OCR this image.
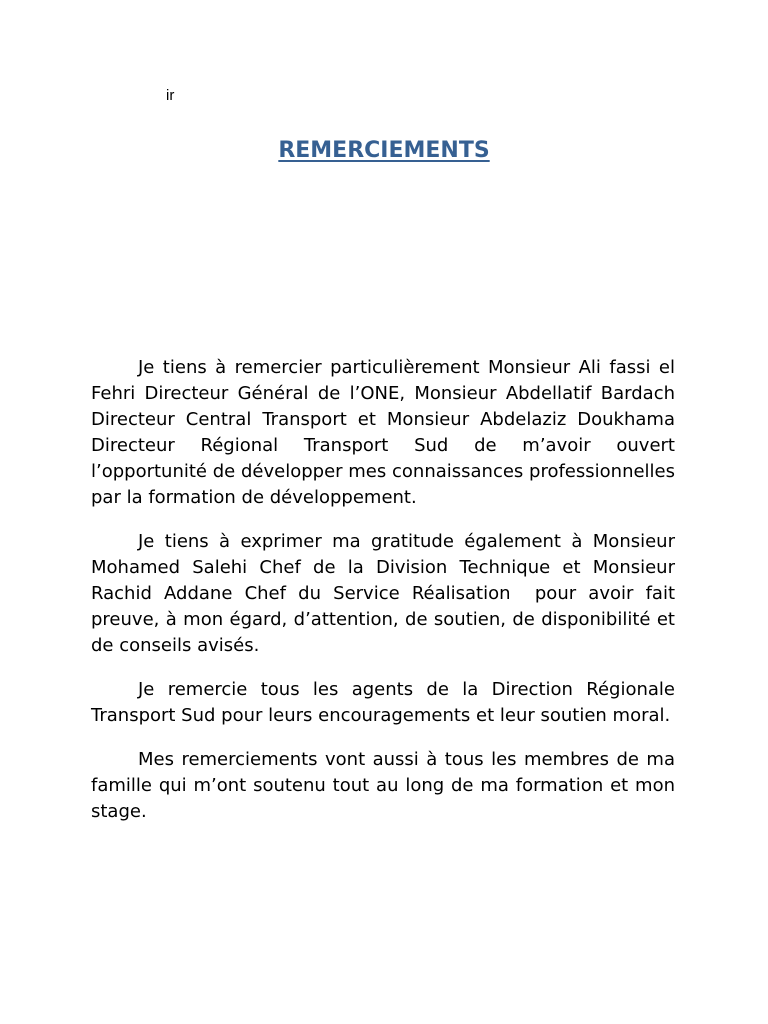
ir
REMERCIEMENTS

Je tiens à remercier particulièrement Monsieur Ali fassi el Fehri Directeur Général de l’ONE, Monsieur Abdellatif Bardach Directeur Central Transport et Monsieur Abdelaziz Doukhama Directeur Régional Transport Sud de m’avoir ouvert l’opportunité de développer mes connaissances professionnelles par la formation de développement.

Je tiens à exprimer ma gratitude également à Monsieur Mohamed Salehi Chef de la Division Technique et Monsieur Rachid Addane Chef du Service Réalisation  pour avoir fait preuve, à mon égard, d’attention, de soutien, de disponibilité et de conseils avisés.

Je remercie tous les agents de la Direction Régionale Transport Sud pour leurs encouragements et leur soutien moral.

Mes remerciements vont aussi à tous les membres de ma famille qui m’ont soutenu tout au long de ma formation et mon stage.
